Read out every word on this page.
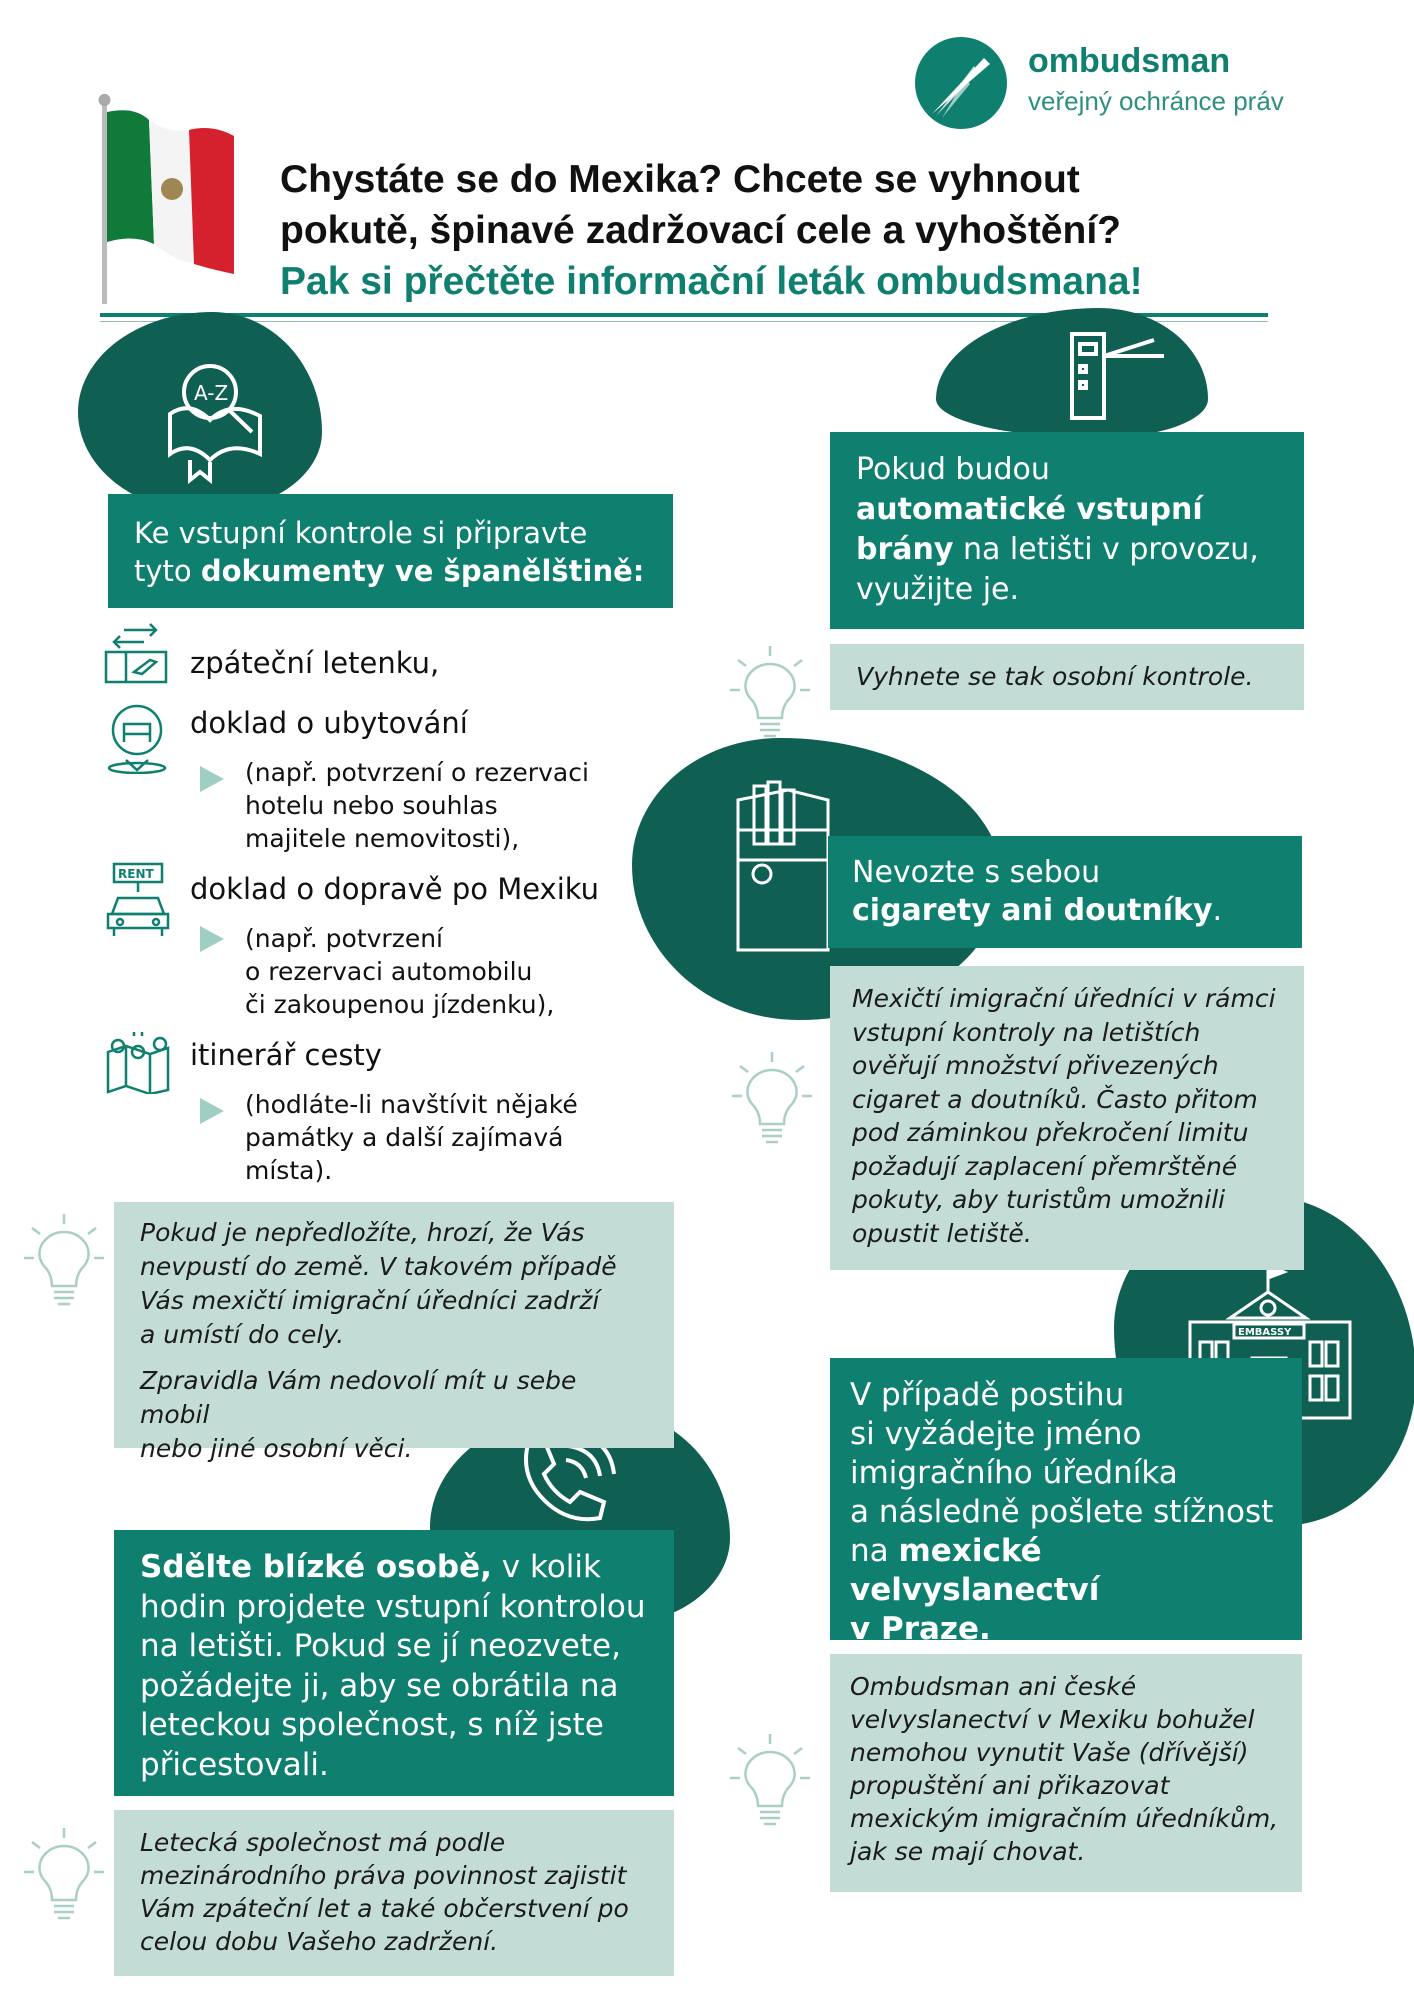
ombudsman
veřejný ochránce práv
Chystáte se do Mexika? Chcete se vyhnout
pokutě, špinavé zadržovací cele a vyhoštění?
Pak si přečtěte informační leták ombudsmana!
A-Z
EMBASSY
Ke vstupní kontrole si připravte
tyto dokumenty ve španělštině:
zpáteční letenku,
doklad o ubytování
(např. potvrzení o rezervaci
hotelu nebo souhlas
majitele nemovitosti),
RENT doklad o dopravě po Mexiku
(např. potvrzení
o rezervaci automobilu
či zakoupenou jízdenku),
itinerář cesty
(hodláte-li navštívit nějaké
památky a další zajímavá
místa).
Pokud je nepředložíte, hrozí, že Vás
nevpustí do země. V takovém případě
Vás mexičtí imigrační úředníci zadrží
a umístí do cely.
Zpravidla Vám nedovolí mít u sebe mobil
nebo jiné osobní věci.
Pokud budou
automatické vstupní
brány na letišti v provozu,
využijte je.
Vyhnete se tak osobní kontrole.
Nevozte s sebou
cigarety ani doutníky.
Mexičtí imigrační úředníci v rámci
vstupní kontroly na letištích
ověřují množství přivezených
cigaret a doutníků. Často přitom
pod záminkou překročení limitu
požadují zaplacení přemrštěné
pokuty, aby turistům umožnili
opustit letiště.
V případě postihu
si vyžádejte jméno
imigračního úředníka
a následně pošlete stížnost
na mexické velvyslanectví
v Praze.
Ombudsman ani české
velvyslanectví v Mexiku bohužel
nemohou vynutit Vaše (dřívější)
propuštění ani přikazovat
mexickým imigračním úředníkům,
jak se mají chovat.
Sdělte blízké osobě, v kolik
hodin projdete vstupní kontrolou
na letišti. Pokud se jí neozvete,
požádejte ji, aby se obrátila na
leteckou společnost, s níž jste
přicestovali.
Letecká společnost má podle
mezinárodního práva povinnost zajistit
Vám zpáteční let a také občerstvení po
celou dobu Vašeho zadržení.
